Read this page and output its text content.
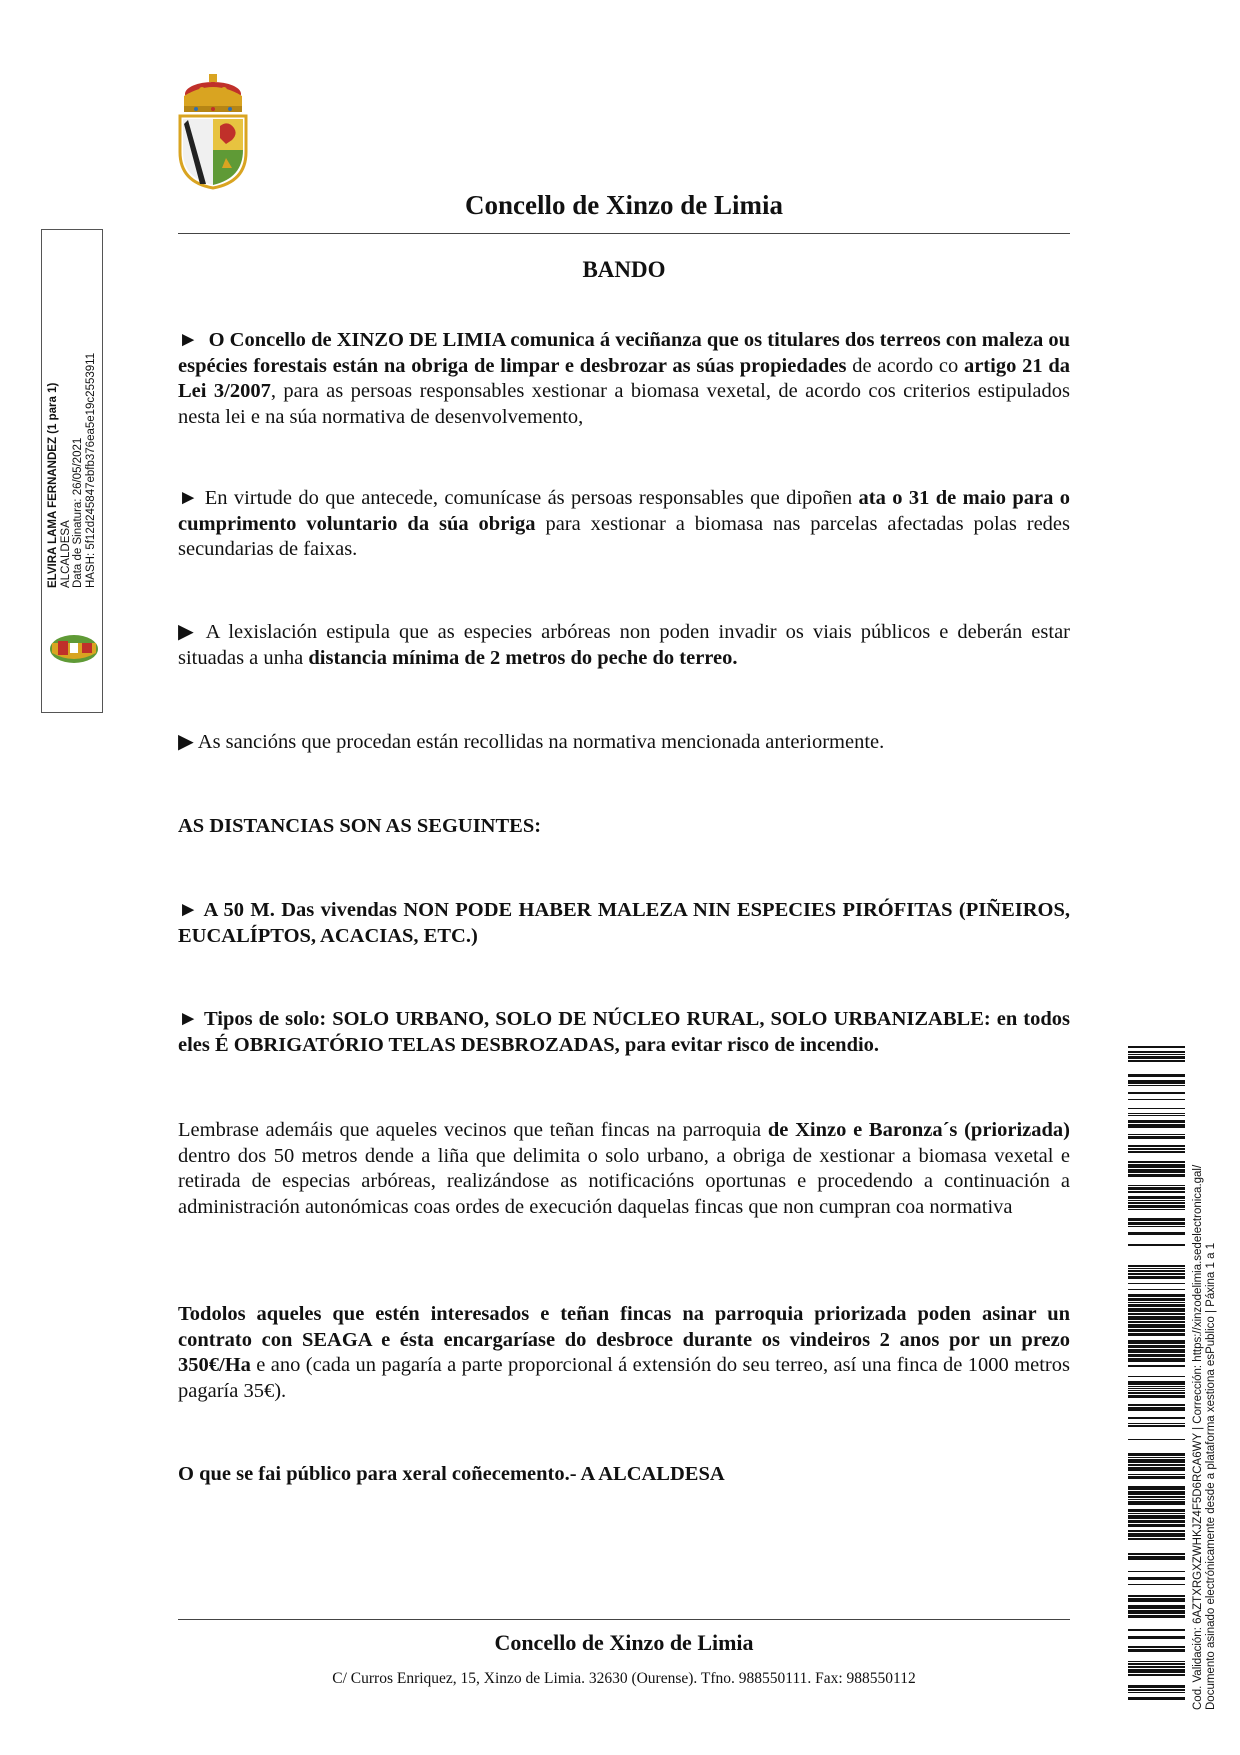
Concello de Xinzo de Limia
BANDO
► O Concello de XINZO DE LIMIA comunica á veciñanza que os titulares dos terreos con maleza ou espécies forestais están na obriga de limpar e desbrozar as súas propiedades de acordo co artigo 21 da Lei 3/2007, para as persoas responsables xestionar a biomasa vexetal, de acordo cos criterios estipulados nesta lei e na súa normativa de desenvolvemento,
► En virtude do que antecede, comunícase ás persoas responsables que dipoñen ata o 31 de maio para o cumprimento voluntario da súa obriga para xestionar a biomasa nas parcelas afectadas polas redes secundarias de faixas.
▶ A lexislación estipula que as especies arbóreas non poden invadir os viais públicos e deberán estar situadas a unha distancia mínima de 2 metros do peche do terreo.
▶ As sancións que procedan están recollidas na normativa mencionada anteriormente.
AS DISTANCIAS SON AS SEGUINTES:
► A 50 M. Das vivendas NON PODE HABER MALEZA NIN ESPECIES PIRÓFITAS (PIÑEIROS, EUCALÍPTOS, ACACIAS, ETC.)
► Tipos de solo: SOLO URBANO, SOLO DE NÚCLEO RURAL, SOLO URBANIZABLE: en todos eles É OBRIGATÓRIO TELAS DESBROZADAS, para evitar risco de incendio.
Lembrase ademáis que aqueles vecinos que teñan fincas na parroquia de Xinzo e Baronza´s (priorizada) dentro dos 50 metros dende a liña que delimita o solo urbano, a obriga de xestionar a biomasa vexetal e retirada de especias arbóreas, realizándose as notificacións oportunas e procedendo a continuación a administración autonómicas coas ordes de execución daquelas fincas que non cumpran coa normativa
Todolos aqueles que estén interesados e teñan fincas na parroquia priorizada poden asinar un contrato con SEAGA e ésta encargaríase do desbroce durante os vindeiros 2 anos por un prezo 350€/Ha e ano (cada un pagaría a parte proporcional á extensión do seu terreo, así una finca de 1000 metros pagaría 35€).
O que se fai público para xeral coñecemento.- A ALCALDESA
Concello de Xinzo de Limia
C/ Curros Enriquez, 15, Xinzo de Limia. 32630 (Ourense). Tfno. 988550111. Fax: 988550112
ELVIRA LAMA FERNANDEZ (1 para 1) ALCALDESA Data de Sinatura: 26/05/2021 HASH: 5f12d245847ebfb376ea5e19c2553911
Cod. Validación: 6AZTXRGXZWHKJZ4F5D6RCA6WY | Corrección: https://xinzodelimia.sedelectronica.gal/ Documento asinado electrónicamente desde a plataforma xestiona esPublico | Páxina 1 a 1
